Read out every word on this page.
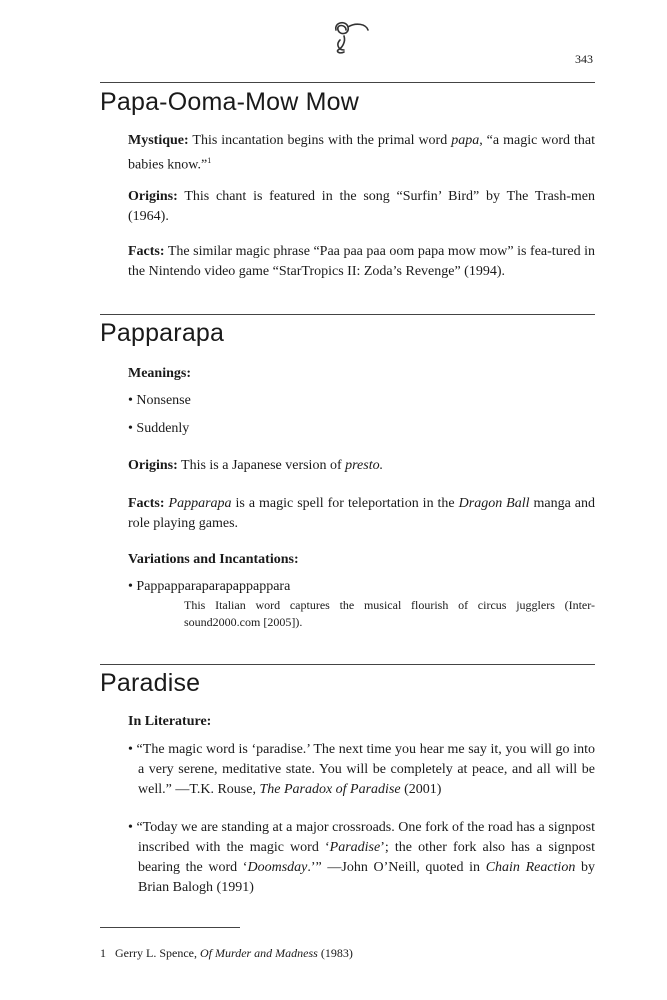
343
Papa-Ooma-Mow Mow

Mystique: This incantation begins with the primal word papa, “a magic word that babies know.”$^1$

Origins: This chant is featured in the song “Surfin’ Bird” by The Trash-men (1964).

Facts: The similar magic phrase “Paa paa paa oom papa mow mow” is fea-tured in the Nintendo video game “StarTropics II: Zoda’s Revenge” (1994).

Papparapa

Meanings:

• Nonsense

• Suddenly

Origins: This is a Japanese version of presto.

Facts: Papparapa is a magic spell for teleportation in the Dragon Ball manga and role playing games.

Variations and Incantations:

• Pappapparaparapappappara

This Italian word captures the musical flourish of circus jugglers (Inter-sound2000.com [2005]).

Paradise

In Literature:

• “The magic word is ‘paradise.’ The next time you hear me say it, you will go into a very serene, meditative state. You will be completely at peace, and all will be well.” —T.K. Rouse, The Paradox of Paradise (2001)

• “Today we are standing at a major crossroads. One fork of the road has a signpost inscribed with the magic word ‘Paradise’; the other fork also has a signpost bearing the word ‘Doomsday.’” —John O’Neill, quoted in Chain Reaction by Brian Balogh (1991)

1 Gerry L. Spence, Of Murder and Madness (1983)
